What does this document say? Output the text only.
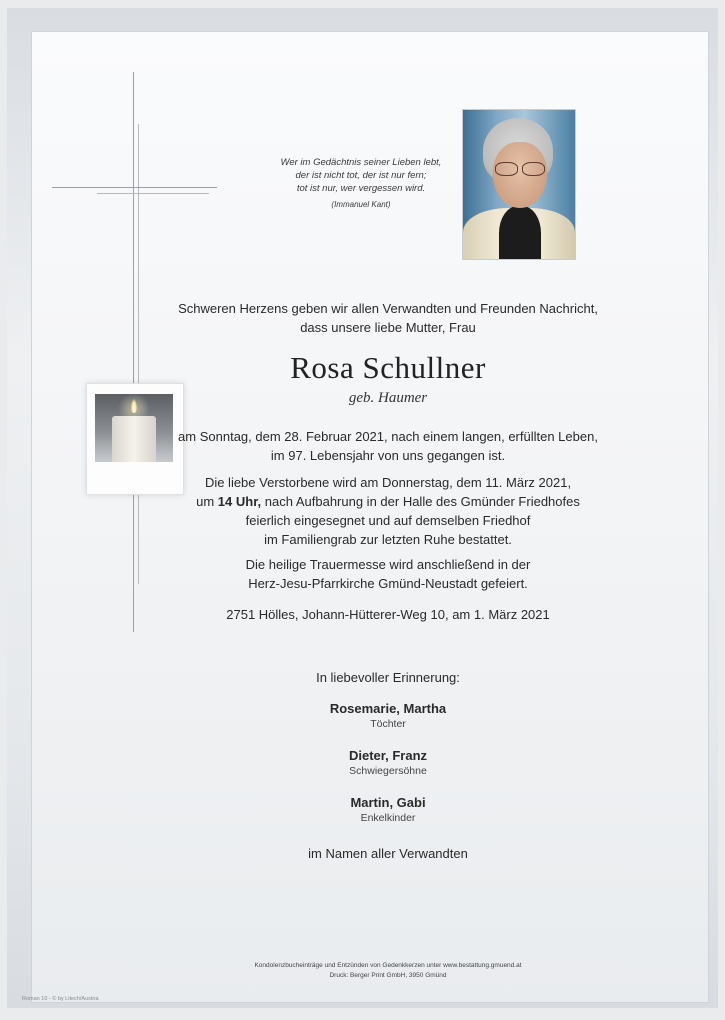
Wer im Gedächtnis seiner Lieben lebt,
der ist nicht tot, der ist nur fern;
tot ist nur, wer vergessen wird.
(Immanuel Kant)
Schweren Herzens geben wir allen Verwandten und Freunden Nachricht,
dass unsere liebe Mutter, Frau
Rosa Schullner
geb. Haumer
am Sonntag, dem 28. Februar 2021, nach einem langen, erfüllten Leben,
im 97. Lebensjahr von uns gegangen ist.
Die liebe Verstorbene wird am Donnerstag, dem 11. März 2021,
um 14 Uhr, nach Aufbahrung in der Halle des Gmünder Friedhofes
feierlich eingesegnet und auf demselben Friedhof
im Familiengrab zur letzten Ruhe bestattet.
Die heilige Trauermesse wird anschließend in der
Herz-Jesu-Pfarrkirche Gmünd-Neustadt gefeiert.
2751 Hölles, Johann-Hütterer-Weg 10, am 1. März 2021
In liebevoller Erinnerung:
Rosemarie, Martha
Töchter
Dieter, Franz
Schwiegersöhne
Martin, Gabi
Enkelkinder
im Namen aller Verwandten
Kondolenzbucheinträge und Entzünden von Gedenkkerzen unter www.bestattung.gmuend.at
Druck: Berger Print GmbH, 3950 Gmünd
Roman 10 - © by Litech/Austria
